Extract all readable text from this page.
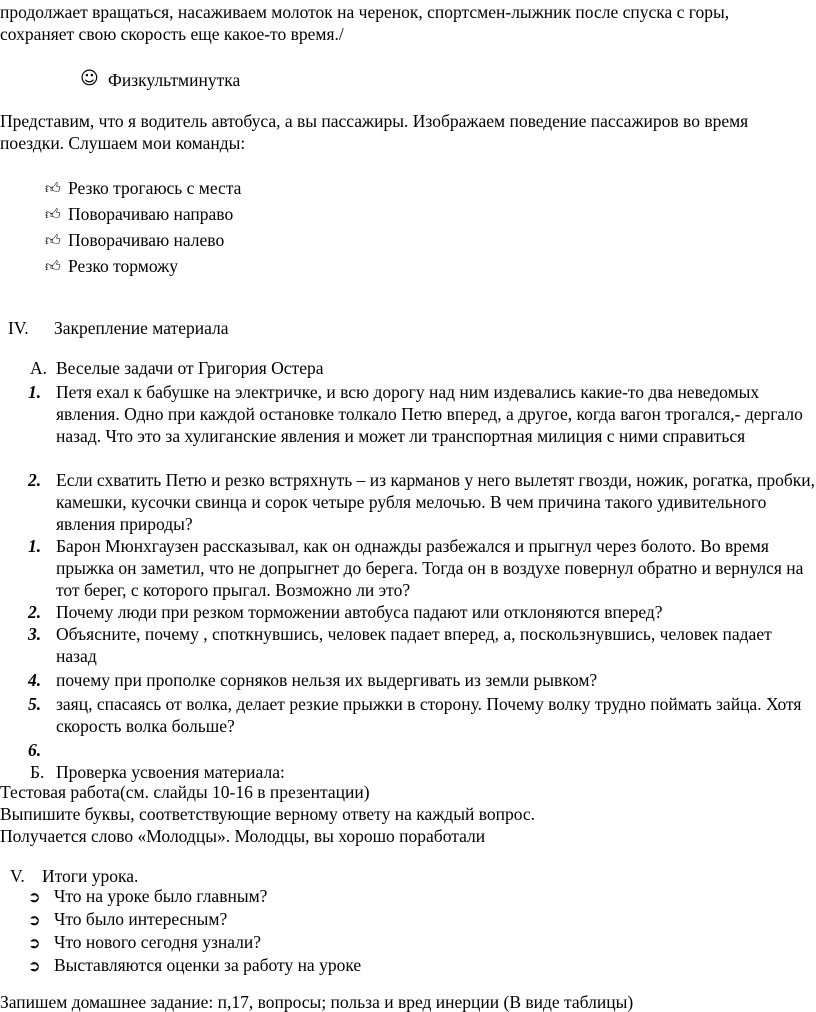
продолжает вращаться, насаживаем молоток на черенок, спортсмен-лыжник после спуска с горы,
сохраняет свою скорость еще какое-то время./
☺ Физкультминутка
Представим, что я водитель автобуса, а вы пассажиры. Изображаем поведение пассажиров во время поездки. Слушаем мои команды:
👍︎ Резко трогаюсь с места
👍︎ Поворачиваю направо
👍︎ Поворачиваю налево
👍︎ Резко торможу
IV. Закрепление материала
A. Веселые задачи от Григория Остера
1. Петя ехал к бабушке на электричке, и всю дорогу над ним издевались какие-то два неведомых явления. Одно при каждой остановке толкало Петю вперед, а другое, когда вагон трогался,- дергало назад. Что это за хулиганские явления и может ли транспортная милиция с ними справиться
2. Если схватить Петю и резко встряхнуть – из карманов у него вылетят гвозди, ножик, рогатка, пробки, камешки, кусочки свинца и сорок четыре рубля мелочью. В чем причина такого удивительного явления природы?
1. Барон Мюнхгаузен рассказывал, как он однажды разбежался и прыгнул через болото. Во время прыжка он заметил, что не допрыгнет до берега. Тогда он в воздухе повернул обратно и вернулся на тот берег, с которого прыгал. Возможно ли это?
2. Почему люди при резком торможении автобуса падают или отклоняются вперед?
3. Объясните, почему , споткнувшись, человек падает вперед, а, поскользнувшись, человек падает назад
4. почему при прополке сорняков нельзя их выдергивать из земли рывком?
5. заяц, спасаясь от волка, делает резкие прыжки в сторону. Почему волку трудно поймать зайца. Хотя скорость волка больше?
6.
Б. Проверка усвоения материала:
Тестовая работа(см. слайды 10-16 в презентации)
Выпишите буквы, соответствующие верному ответу на каждый вопрос.
Получается слово «Молодцы». Молодцы, вы хорошо поработали
V. Итоги урока.
➲ Что на уроке было главным?
➲ Что было интересным?
➲ Что нового сегодня узнали?
➲ Выставляются оценки за работу на уроке
Запишем домашнее задание: п,17, вопросы; польза и вред инерции (В виде таблицы)
